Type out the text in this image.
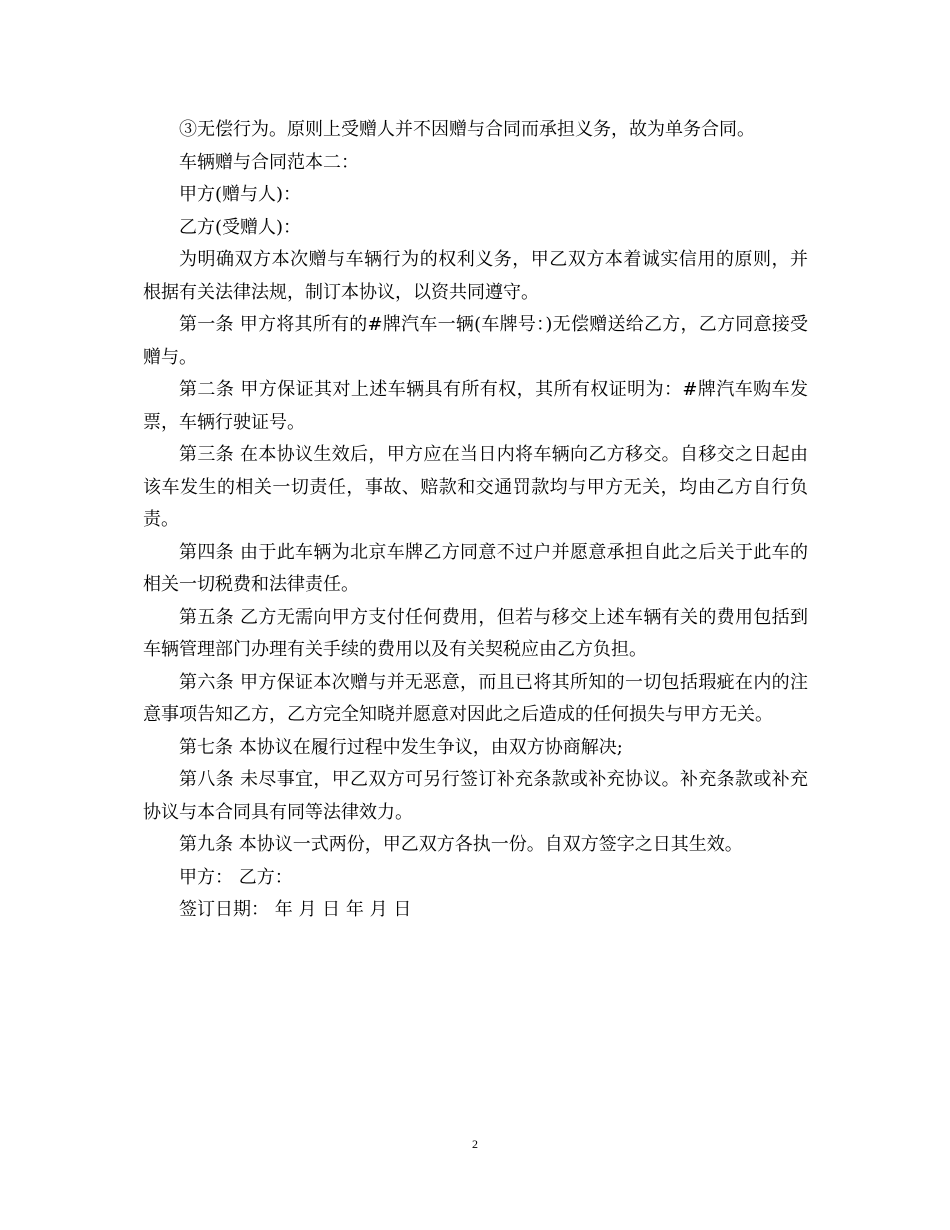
③无偿行为。原则上受赠人并不因赠与合同而承担义务，故为单务合同。

车辆赠与合同范本二：

甲方(赠与人)：

乙方(受赠人)：

为明确双方本次赠与车辆行为的权利义务，甲乙双方本着诚实信用的原则，并根据有关法律法规，制订本协议，以资共同遵守。

第一条 甲方将其所有的#牌汽车一辆(车牌号：)无偿赠送给乙方，乙方同意接受赠与。

第二条 甲方保证其对上述车辆具有所有权，其所有权证明为：#牌汽车购车发票，车辆行驶证号。

第三条 在本协议生效后，甲方应在当日内将车辆向乙方移交。自移交之日起由该车发生的相关一切责任，事故、赔款和交通罚款均与甲方无关，均由乙方自行负责。

第四条 由于此车辆为北京车牌乙方同意不过户并愿意承担自此之后关于此车的相关一切税费和法律责任。

第五条 乙方无需向甲方支付任何费用，但若与移交上述车辆有关的费用包括到车辆管理部门办理有关手续的费用以及有关契税应由乙方负担。

第六条 甲方保证本次赠与并无恶意，而且已将其所知的一切包括瑕疵在内的注意事项告知乙方，乙方完全知晓并愿意对因此之后造成的任何损失与甲方无关。

第七条 本协议在履行过程中发生争议，由双方协商解决;

第八条 未尽事宜，甲乙双方可另行签订补充条款或补充协议。补充条款或补充协议与本合同具有同等法律效力。

第九条 本协议一式两份，甲乙双方各执一份。自双方签字之日其生效。

甲方： 乙方：

签订日期： 年 月 日 年 月 日

2
